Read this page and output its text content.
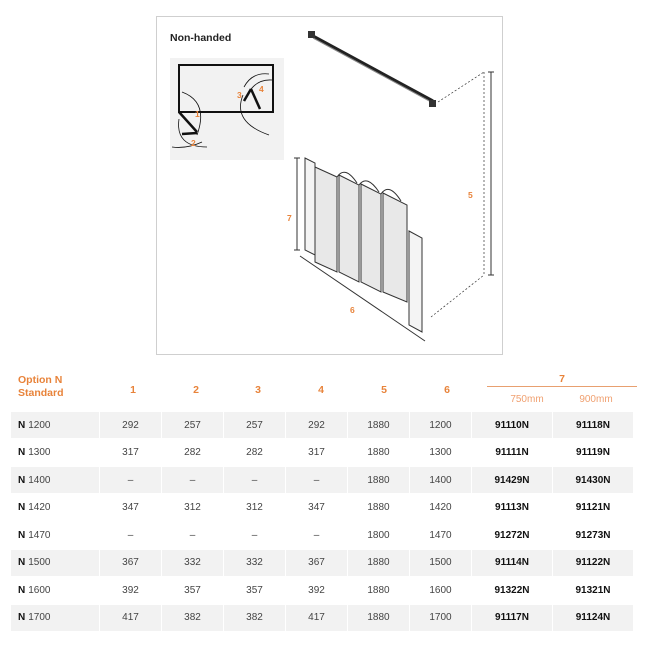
Non-handed
1
2
3
4
5
6
7
Option N
Standard	1	2	3	4	5	6
7
750mm	900mm
N 1200	292	257	257	292	1880	1200	91110N	91118N
N 1300	317	282	282	317	1880	1300	91111N	91119N
N 1400	–	–	–	–	1880	1400	91429N	91430N
N 1420	347	312	312	347	1880	1420	91113N	91121N
N 1470	–	–	–	–	1800	1470	91272N	91273N
N 1500	367	332	332	367	1880	1500	91114N	91122N
N 1600	392	357	357	392	1880	1600	91322N	91321N
N 1700	417	382	382	417	1880	1700	91117N	91124N
